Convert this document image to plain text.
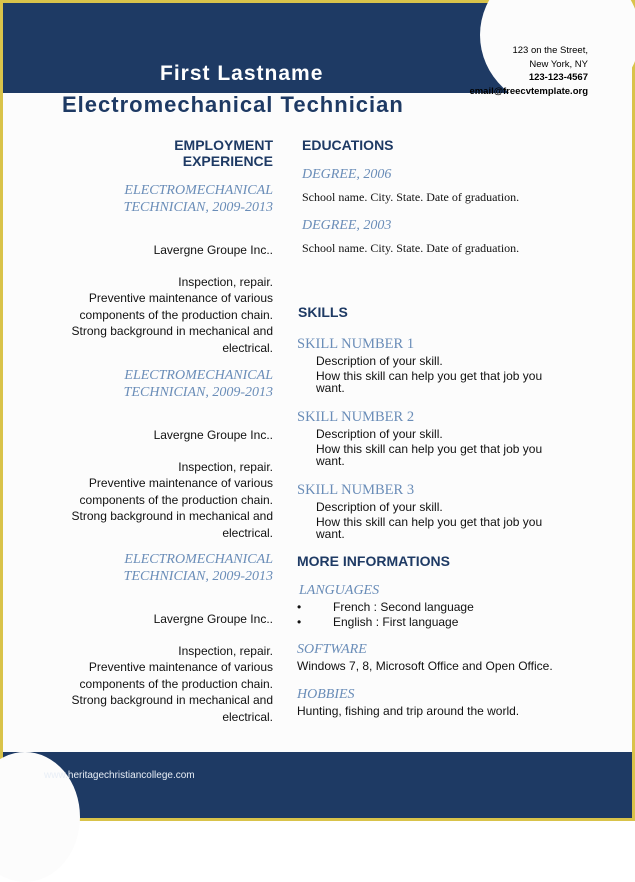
First Lastname
Electromechanical Technician
123 on the Street,
New York, NY
123-123-4567
email@freecvtemplate.org
EMPLOYMENT
EXPERIENCE
ELECTROMECHANICAL
TECHNICIAN, 2009-2013
Lavergne Groupe Inc..
Inspection, repair.
Preventive maintenance of various
components of the production chain.
Strong background in mechanical and
electrical.
ELECTROMECHANICAL
TECHNICIAN, 2009-2013
Lavergne Groupe Inc..
Inspection, repair.
Preventive maintenance of various
components of the production chain.
Strong background in mechanical and
electrical.
ELECTROMECHANICAL
TECHNICIAN, 2009-2013
Lavergne Groupe Inc..
Inspection, repair.
Preventive maintenance of various
components of the production chain.
Strong background in mechanical and
electrical.
EDUCATIONS
DEGREE, 2006
School name. City. State. Date of graduation.
DEGREE, 2003
School name. City. State. Date of graduation.
SKILLS
SKILL NUMBER 1
Description of your skill.
How this skill can help you get that job you
want.
SKILL NUMBER 2
Description of your skill.
How this skill can help you get that job you
want.
SKILL NUMBER 3
Description of your skill.
How this skill can help you get that job you
want.
MORE INFORMATIONS
LANGUAGES
•	French : Second language
•	English : First language
SOFTWARE
Windows 7, 8, Microsoft Office and Open Office.
HOBBIES
Hunting, fishing and trip around the world.
www.heritagechristiancollege.com
